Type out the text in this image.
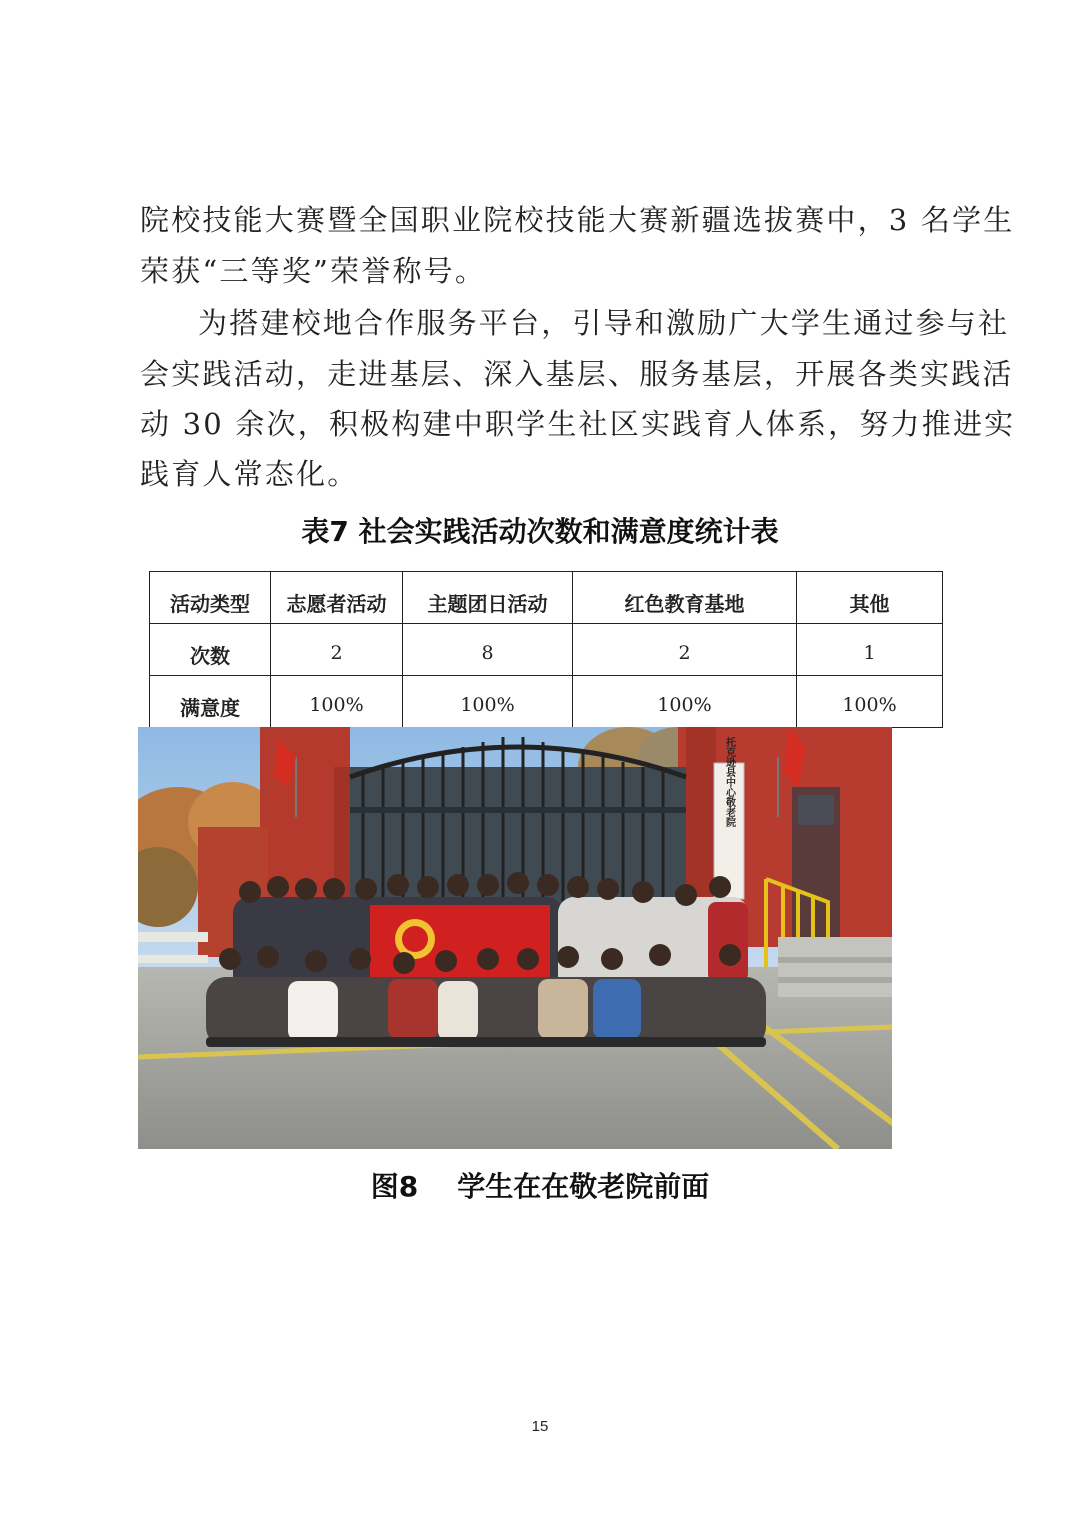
院校技能大赛暨全国职业院校技能大赛新疆选拔赛中，3 名学生
荣获“三等奖”荣誉称号。
为搭建校地合作服务平台，引导和激励广大学生通过参与社
会实践活动，走进基层、深入基层、服务基层，开展各类实践活
动 30 余次，积极构建中职学生社区实践育人体系，努力推进实
践育人常态化。
表7 社会实践活动次数和满意度统计表
活动类型	志愿者活动	主题团日活动	红色教育基地	其他
次数	2	8	2	1
满意度	100%	100%	100%	100%
托克逊县中心敬老院
图8    学生在在敬老院前面
15
